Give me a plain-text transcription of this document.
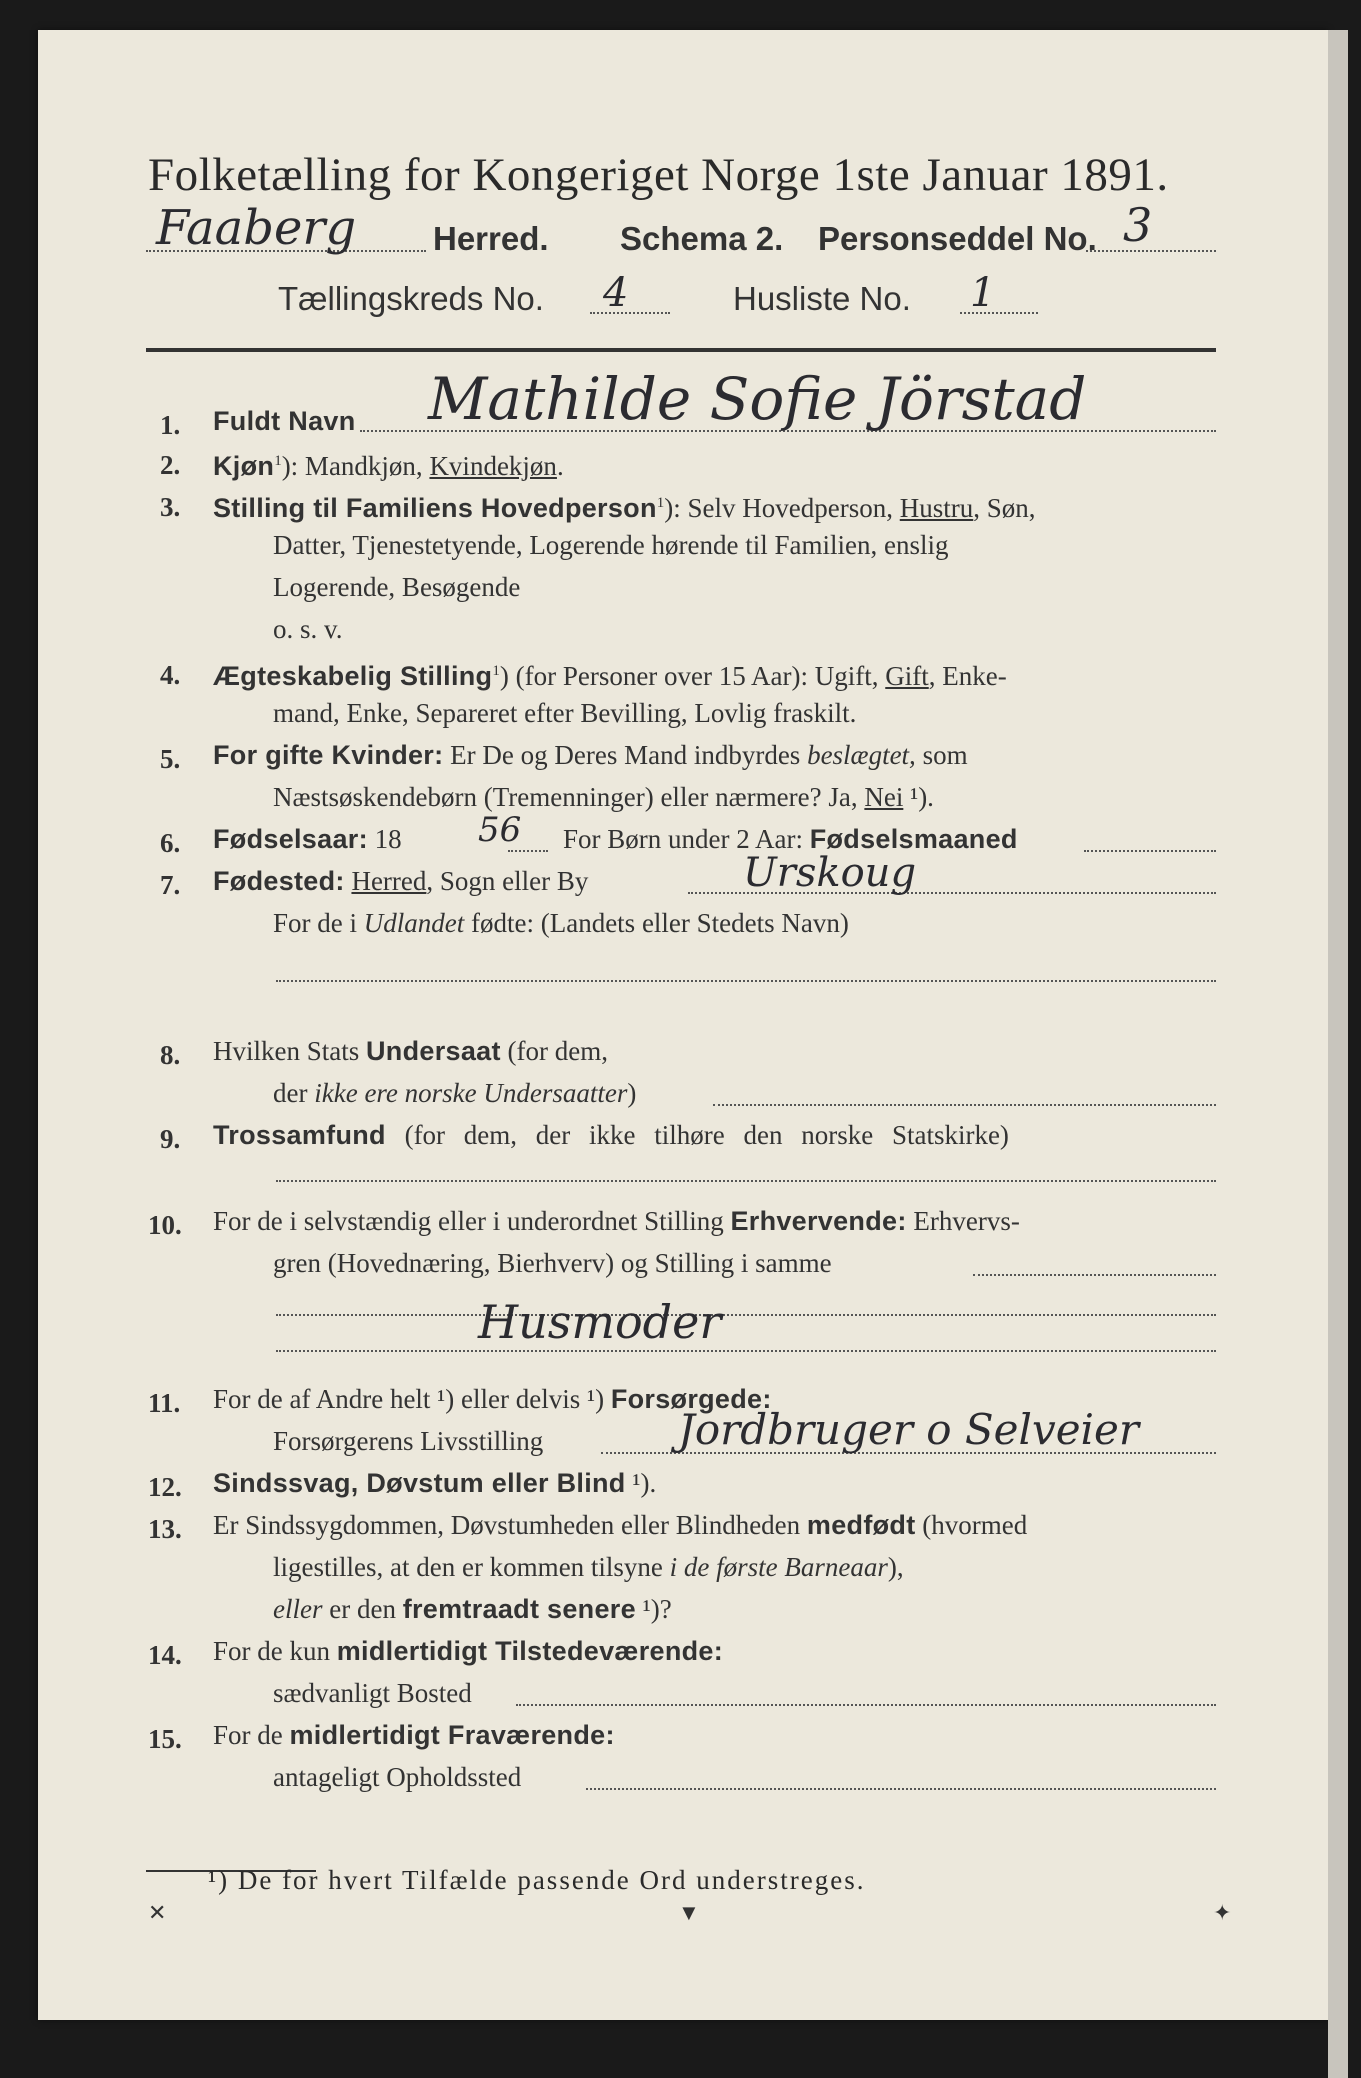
Folketælling for Kongeriget Norge 1ste Januar 1891.
Faaberg Herred. Schema 2. Personseddel No. 3
Tællingskreds No. 4	Husliste No. 1
1. Fuldt Navn Mathilde Sofie Jörstad
2. Kjøn$^1$): Mandkjøn, Kvindekjøn.
3. Stilling til Familiens Hovedperson$^1$): Selv Hovedperson, Hustru, Søn,
Datter, Tjenestetyende, Logerende hørende til Familien, enslig
Logerende, Besøgende
o. s. v.
4. Ægteskabelig Stilling$^1$) (for Personer over 15 Aar): Ugift, Gift, Enke-
mand, Enke, Separeret efter Bevilling, Lovlig fraskilt.
5. For gifte Kvinder: Er De og Deres Mand indbyrdes beslægtet, som
Næstsøskendebørn (Tremenninger) eller nærmere? Ja, Nei ¹).
6. Fødselsaar: 18 56 For Børn under 2 Aar: Fødselsmaaned
7. Fødested: Herred, Sogn eller By	Urskoug
For de i Udlandet fødte: (Landets eller Stedets Navn)
8. Hvilken Stats Undersaat (for dem,
der ikke ere norske Undersaatter)
9. Trossamfund (for dem, der ikke tilhøre den norske Statskirke)
10. For de i selvstændig eller i underordnet Stilling Erhvervende: Erhvervs-
gren (Hovednæring, Bierhverv) og Stilling i samme
Husmoder
11. For de af Andre helt ¹) eller delvis ¹) Forsørgede:
Forsørgerens Livsstilling	Jordbruger o Selveier
12. Sindssvag, Døvstum eller Blind ¹).
13. Er Sindssygdommen, Døvstumheden eller Blindheden medfødt (hvormed
ligestilles, at den er kommen tilsyne i de første Barneaar),
eller er den fremtraadt senere ¹)?
14. For de kun midlertidigt Tilstedeværende:
sædvanligt Bosted
15. For de midlertidigt Fraværende:
antageligt Opholdssted
¹) De for hvert Tilfælde passende Ord understreges.
✕	▼	✦
